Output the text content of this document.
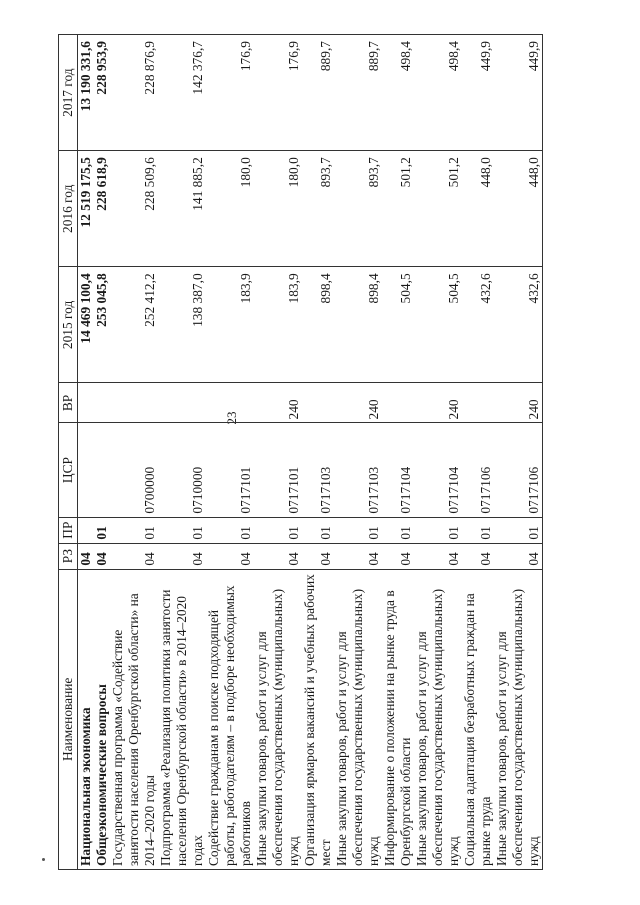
23
Наименование	РЗ	ПР	ЦСР	ВР	2015 год	2016 год	2017 год
Национальная экономика	04				14 469 100,4	12 519 175,5	13 190 331,6
Общеэкономические вопросы	04	01			253 045,8	228 618,9	228 953,9
Государственная программа «Содействие занятости населения Оренбургской области» на 2014–2020 годы	04	01	0700000		252 412,2	228 509,6	228 876,9
Подпрограмма «Реализация политики занятости населения Оренбургской области» в 2014–2020 годах	04	01	0710000		138 387,0	141 885,2	142 376,7
Содействие гражданам в поиске подходящей работы, работодателям – в подборе необходимых работников	04	01	0717101		183,9	180,0	176,9
Иные закупки товаров, работ и услуг для обеспечения государственных (муниципальных) нужд	04	01	0717101	240	183,9	180,0	176,9
Организация ярмарок вакансий и учебных рабочих мест	04	01	0717103		898,4	893,7	889,7
Иные закупки товаров, работ и услуг для обеспечения государственных (муниципальных) нужд	04	01	0717103	240	898,4	893,7	889,7
Информирование о положении на рынке труда в Оренбургской области	04	01	0717104		504,5	501,2	498,4
Иные закупки товаров, работ и услуг для обеспечения государственных (муниципальных) нужд	04	01	0717104	240	504,5	501,2	498,4
Социальная адаптация безработных граждан на рынке труда	04	01	0717106		432,6	448,0	449,9
Иные закупки товаров, работ и услуг для обеспечения государственных (муниципальных) нужд	04	01	0717106	240	432,6	448,0	449,9
